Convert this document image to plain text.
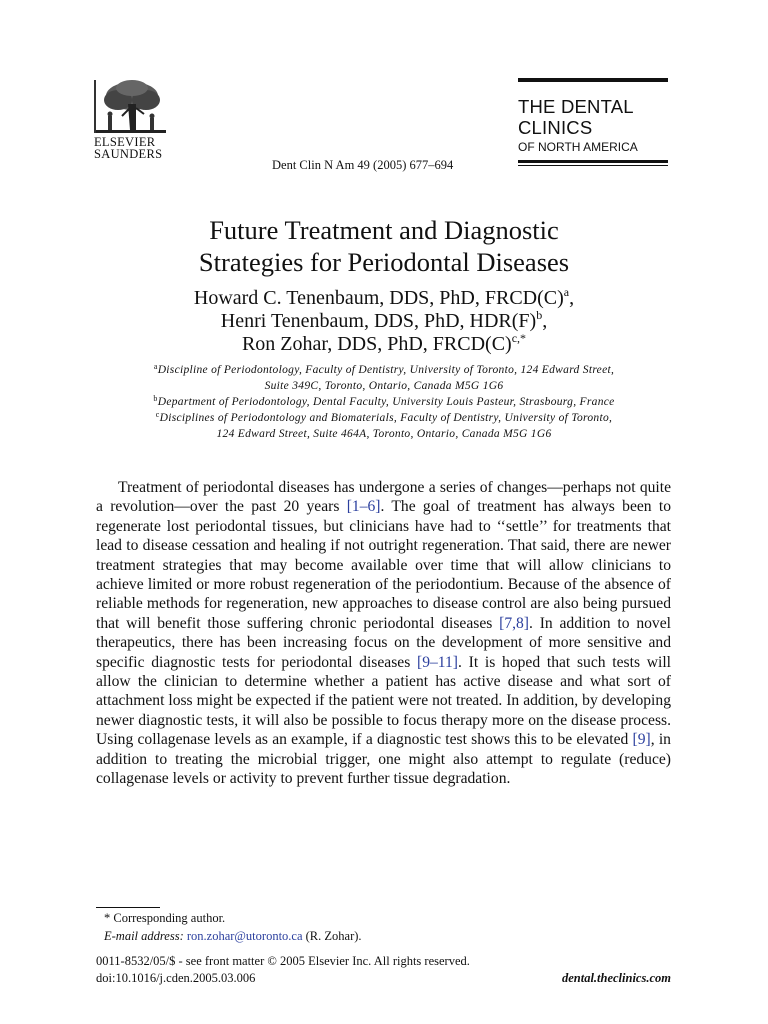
ELSEVIER
SAUNDERS
THE DENTAL
CLINICS
OF NORTH AMERICA
Dent Clin N Am 49 (2005) 677–694
Future Treatment and Diagnostic
Strategies for Periodontal Diseases
Howard C. Tenenbaum, DDS, PhD, $FRCD(C)^a$,
Henri Tenenbaum, DDS, PhD, $HDR(F)^b$,
Ron Zohar, DDS, PhD, $FRCD(C)^{c,*}$
$^a$Discipline of Periodontology, Faculty of Dentistry, University of Toronto, 124 Edward Street,
Suite 349C, Toronto, Ontario, Canada M5G 1G6
$^b$Department of Periodontology, Dental Faculty, University Louis Pasteur, Strasbourg, France
$^c$Disciplines of Periodontology and Biomaterials, Faculty of Dentistry, University of Toronto,
124 Edward Street, Suite 464A, Toronto, Ontario, Canada M5G 1G6
Treatment of periodontal diseases has undergone a series of changes—perhaps not quite a revolution—over the past 20 years [1–6]. The goal of treatment has always been to regenerate lost periodontal tissues, but clinicians have had to ‘‘settle’’ for treatments that lead to disease cessation and healing if not outright regeneration. That said, there are newer treatment strategies that may become available over time that will allow clinicians to achieve limited or more robust regeneration of the periodontium. Because of the absence of reliable methods for regeneration, new approaches to disease control are also being pursued that will benefit those suffering chronic periodontal diseases [7,8]. In addition to novel therapeutics, there has been increasing focus on the development of more sensitive and specific diagnostic tests for periodontal diseases [9–11]. It is hoped that such tests will allow the clinician to determine whether a patient has active disease and what sort of attachment loss might be expected if the patient were not treated. In addition, by developing newer diagnostic tests, it will also be possible to focus therapy more on the disease process. Using collagenase levels as an example, if a diagnostic test shows this to be elevated [9], in addition to treating the microbial trigger, one might also attempt to regulate (reduce) collagenase levels or activity to prevent further tissue degradation.
* Corresponding author.
E-mail address: ron.zohar@utoronto.ca (R. Zohar).
0011-8532/05/$ - see front matter © 2005 Elsevier Inc. All rights reserved.
doi:10.1016/j.cden.2005.03.006	dental.theclinics.com
